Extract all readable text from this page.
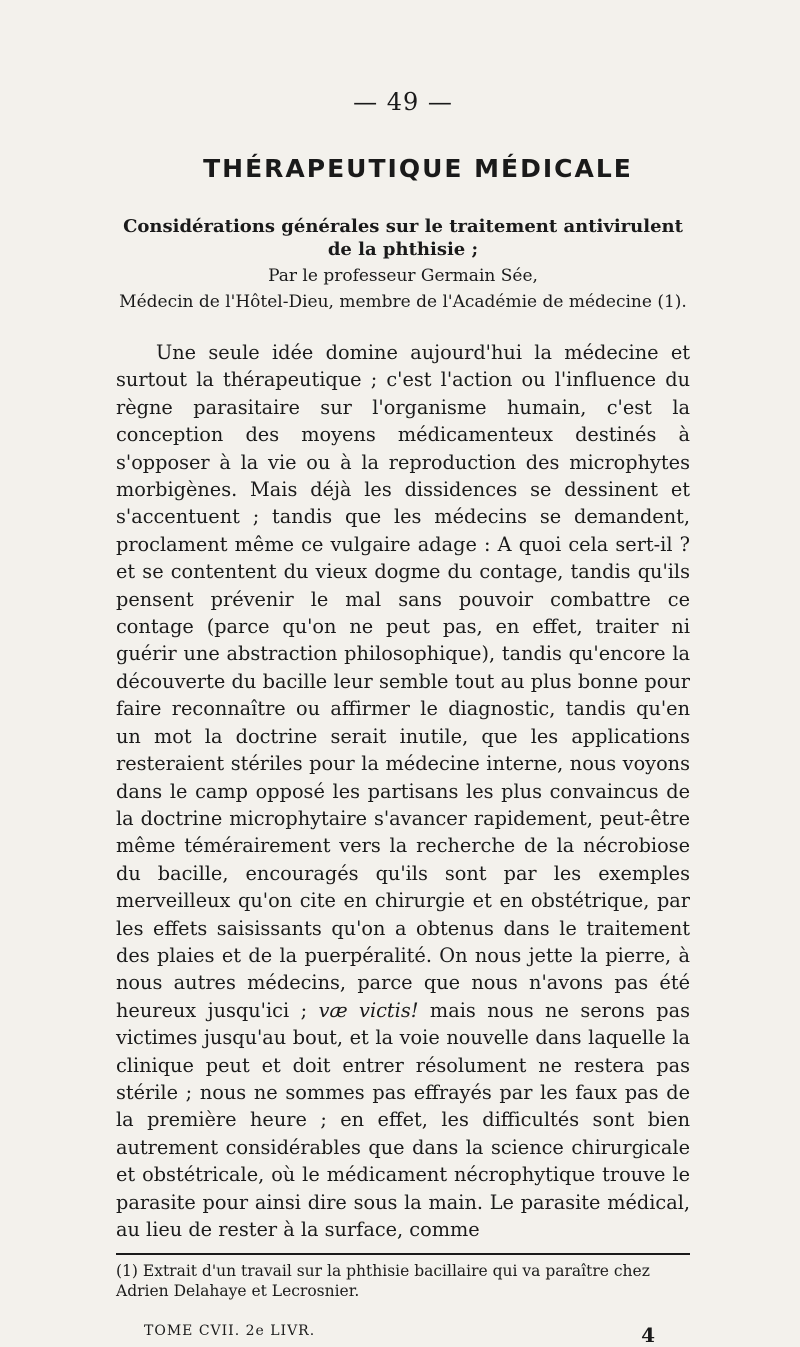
— 49 —
THÉRAPEUTIQUE MÉDICALE
Considérations générales sur le traitement antivirulent
de la phthisie ;
Par le professeur Germain Sée,
Médecin de l'Hôtel-Dieu, membre de l'Académie de médecine (1).

Une seule idée domine aujourd'hui la médecine et surtout la thérapeutique ; c'est l'action ou l'influence du règne parasitaire sur l'organisme humain, c'est la conception des moyens médicamenteux destinés à s'opposer à la vie ou à la reproduction des microphytes morbigènes. Mais déjà les dissidences se dessinent et s'accentuent ; tandis que les médecins se demandent, proclament même ce vulgaire adage : A quoi cela sert-il ? et se contentent du vieux dogme du contage, tandis qu'ils pensent prévenir le mal sans pouvoir combattre ce contage (parce qu'on ne peut pas, en effet, traiter ni guérir une abstraction philosophique), tandis qu'encore la découverte du bacille leur semble tout au plus bonne pour faire reconnaître ou affirmer le diagnostic, tandis qu'en un mot la doctrine serait inutile, que les applications resteraient stériles pour la médecine interne, nous voyons dans le camp opposé les partisans les plus convaincus de la doctrine microphytaire s'avancer rapidement, peut-être même témérairement vers la recherche de la nécrobiose du bacille, encouragés qu'ils sont par les exemples merveilleux qu'on cite en chirurgie et en obstétrique, par les effets saisissants qu'on a obtenus dans le traitement des plaies et de la puerpéralité. On nous jette la pierre, à nous autres médecins, parce que nous n'avons pas été heureux jusqu'ici ; væ victis! mais nous ne serons pas victimes jusqu'au bout, et la voie nouvelle dans laquelle la clinique peut et doit entrer résolument ne restera pas stérile ; nous ne sommes pas effrayés par les faux pas de la première heure ; en effet, les difficultés sont bien autrement considérables que dans la science chirurgicale et obstétricale, où le médicament nécrophytique trouve le parasite pour ainsi dire sous la main. Le parasite médical, au lieu de rester à la surface, comme

(1) Extrait d'un travail sur la phthisie bacillaire qui va paraître chez Adrien Delahaye et Lecrosnier.

TOME CVII. 2e LIVR.	4
